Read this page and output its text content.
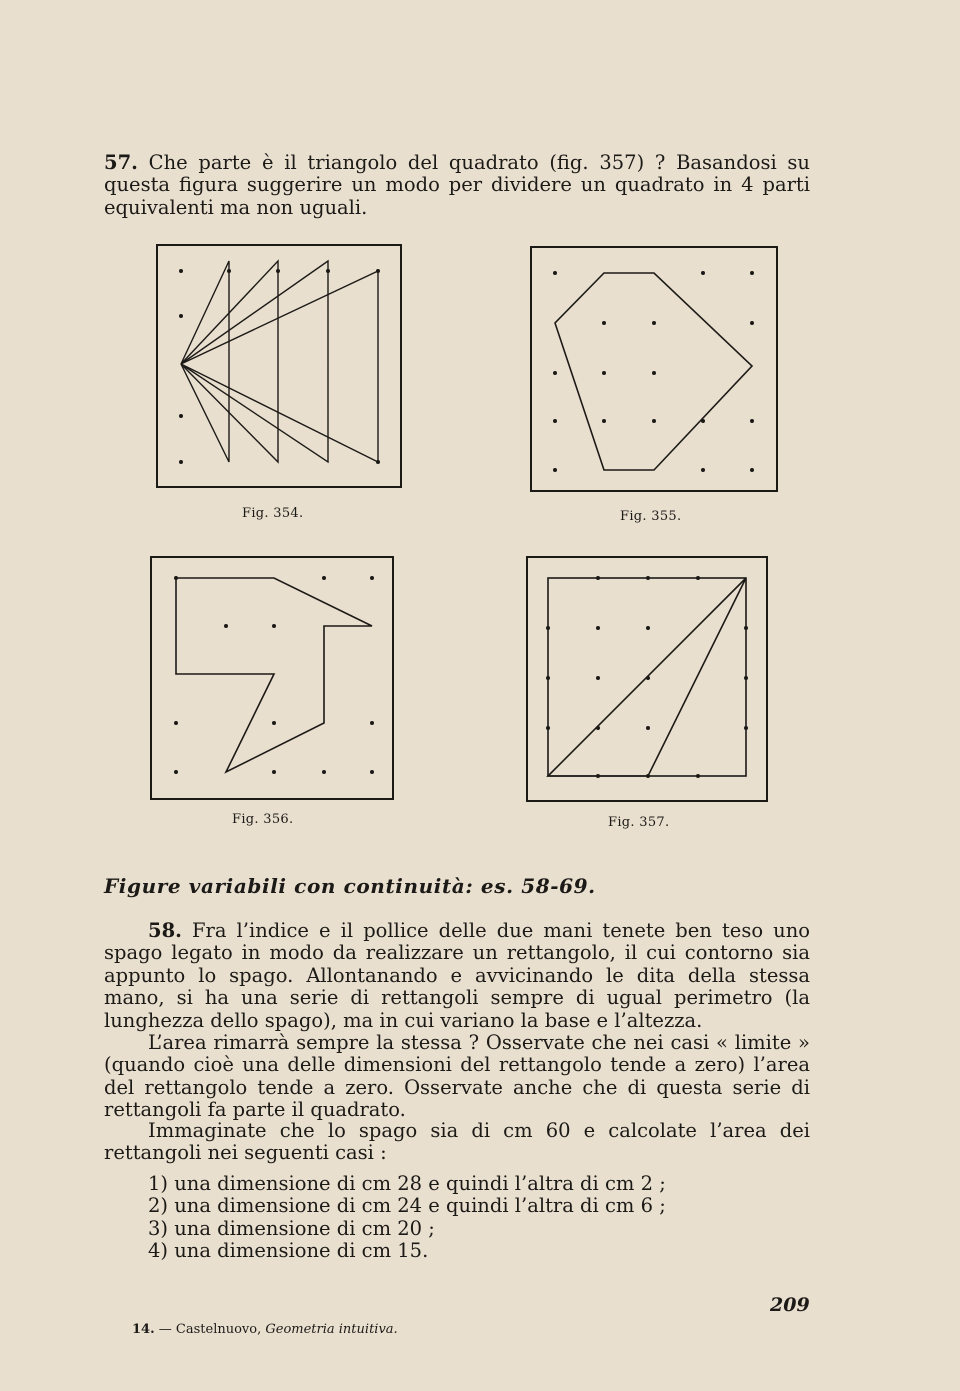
57. Che parte è il triangolo del quadrato (fig. 357) ? Basandosi su questa figura suggerire un modo per dividere un quadrato in 4 parti equivalenti ma non uguali.

Fig. 354.	Fig. 355.
Fig. 356.	Fig. 357.

Figure variabili con continuità: es. 58-69.

58. Fra l’indice e il pollice delle due mani tenete ben teso uno spago legato in modo da realizzare un rettangolo, il cui contorno sia appunto lo spago. Allontanando e avvicinando le dita della stessa mano, si ha una serie di rettangoli sempre di ugual perimetro (la lunghezza dello spago), ma in cui variano la base e l’altezza.

L’area rimarrà sempre la stessa ? Osservate che nei casi « limite » (quando cioè una delle dimensioni del rettangolo tende a zero) l’area del rettangolo tende a zero. Osservate anche che di questa serie di rettangoli fa parte il quadrato.

Immaginate che lo spago sia di cm 60 e calcolate l’area dei rettangoli nei seguenti casi :

1) una dimensione di cm 28 e quindi l’altra di cm 2 ;
2) una dimensione di cm 24 e quindi l’altra di cm 6 ;
3) una dimensione di cm 20 ;
4) una dimensione di cm 15.
14. — Castelnuovo, Geometria intuitiva.
209
